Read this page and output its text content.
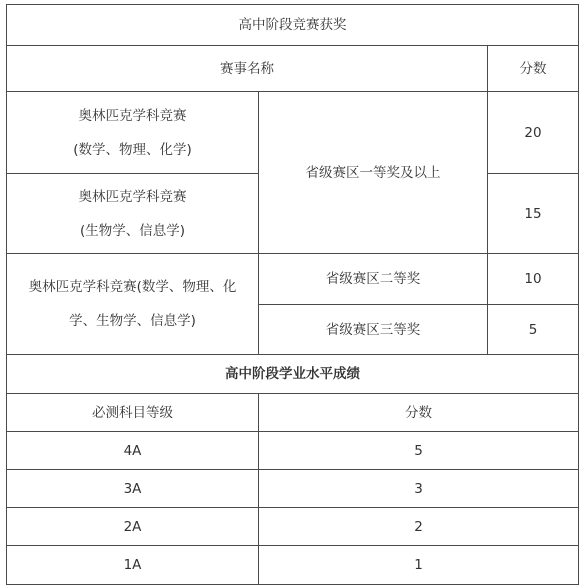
高中阶段竞赛获奖		
赛事名称		分数

奥林匹克学科竞赛
(数学、物理、化学)	省级赛区一等奖及以上	20

奥林匹克学科竞赛
(生物学、信息学)		15

奥林匹克学科竞赛(数学、物理、化
学、生物学、信息学)	省级赛区二等奖	10
	省级赛区三等奖	5
高中阶段学业水平成绩		
必测科目等级	分数	
4A	5	
3A	3	
2A	2	
1A	1	
